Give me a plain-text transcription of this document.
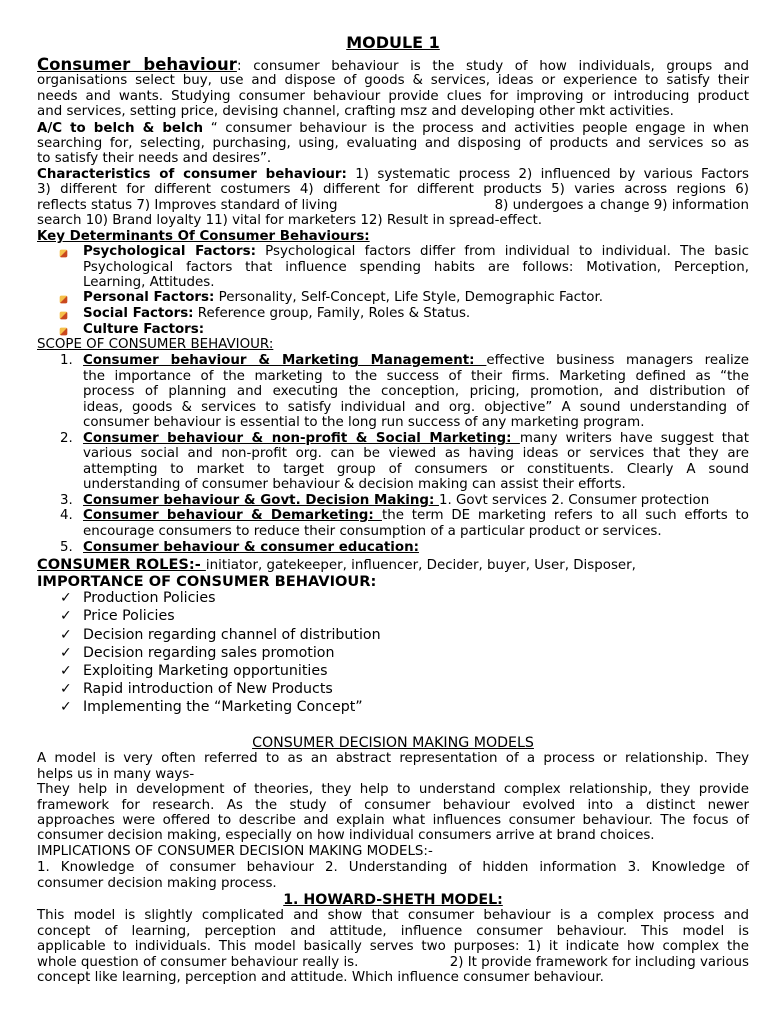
MODULE 1
Consumer behaviour: consumer behaviour is the study of how individuals, groups and
organisations select buy, use and dispose of goods & services, ideas or experience to satisfy their
needs and wants. Studying consumer behaviour provide clues for improving or introducing product
and services, setting price, devising channel, crafting msz and developing other mkt activities.
A/C to belch & belch “ consumer behaviour is the process and activities people engage in when
searching for, selecting, purchasing, using, evaluating and disposing of products and services so as
to satisfy their needs and desires”.
Characteristics of consumer behaviour: 1) systematic process 2) influenced by various Factors
3) different for different costumers 4) different for different products 5) varies across regions 6)
reflects status 7) Improves standard of living	8) undergoes a change 9) information
search 10) Brand loyalty 11) vital for marketers 12) Result in spread-effect.
Key Determinants Of Consumer Behaviours:
Psychological Factors: Psychological factors differ from individual to individual. The basic
Psychological factors that influence spending habits are follows: Motivation, Perception,
Learning, Attitudes.
Personal Factors: Personality, Self-Concept, Life Style, Demographic Factor.
Social Factors: Reference group, Family, Roles & Status.
Culture Factors:
SCOPE OF CONSUMER BEHAVIOUR:
1. Consumer behaviour & Marketing Management: effective business managers realize
the importance of the marketing to the success of their firms. Marketing defined as “the
process of planning and executing the conception, pricing, promotion, and distribution of
ideas, goods & services to satisfy individual and org. objective” A sound understanding of
consumer behaviour is essential to the long run success of any marketing program.
2. Consumer behaviour & non-profit & Social Marketing: many writers have suggest that
various social and non-profit org. can be viewed as having ideas or services that they are
attempting to market to target group of consumers or constituents. Clearly A sound
understanding of consumer behaviour & decision making can assist their efforts.
3. Consumer behaviour & Govt. Decision Making: 1. Govt services 2. Consumer protection
4. Consumer behaviour & Demarketing: the term DE marketing refers to all such efforts to
encourage consumers to reduce their consumption of a particular product or services.
5. Consumer behaviour & consumer education:
CONSUMER ROLES:- initiator, gatekeeper, influencer, Decider, buyer, User, Disposer,
IMPORTANCE OF CONSUMER BEHAVIOUR:
✓ Production Policies
✓ Price Policies
✓ Decision regarding channel of distribution
✓ Decision regarding sales promotion
✓ Exploiting Marketing opportunities
✓ Rapid introduction of New Products
✓ Implementing the “Marketing Concept”
CONSUMER DECISION MAKING MODELS
A model is very often referred to as an abstract representation of a process or relationship. They
helps us in many ways-
They help in development of theories, they help to understand complex relationship, they provide
framework for research. As the study of consumer behaviour evolved into a distinct newer
approaches were offered to describe and explain what influences consumer behaviour. The focus of
consumer decision making, especially on how individual consumers arrive at brand choices.
IMPLICATIONS OF CONSUMER DECISION MAKING MODELS:-
1. Knowledge of consumer behaviour 2. Understanding of hidden information 3. Knowledge of
consumer decision making process.
1. HOWARD-SHETH MODEL:
This model is slightly complicated and show that consumer behaviour is a complex process and
concept of learning, perception and attitude, influence consumer behaviour. This model is
applicable to individuals. This model basically serves two purposes: 1) it indicate how complex the
whole question of consumer behaviour really is.	2) It provide framework for including various
concept like learning, perception and attitude. Which influence consumer behaviour.
